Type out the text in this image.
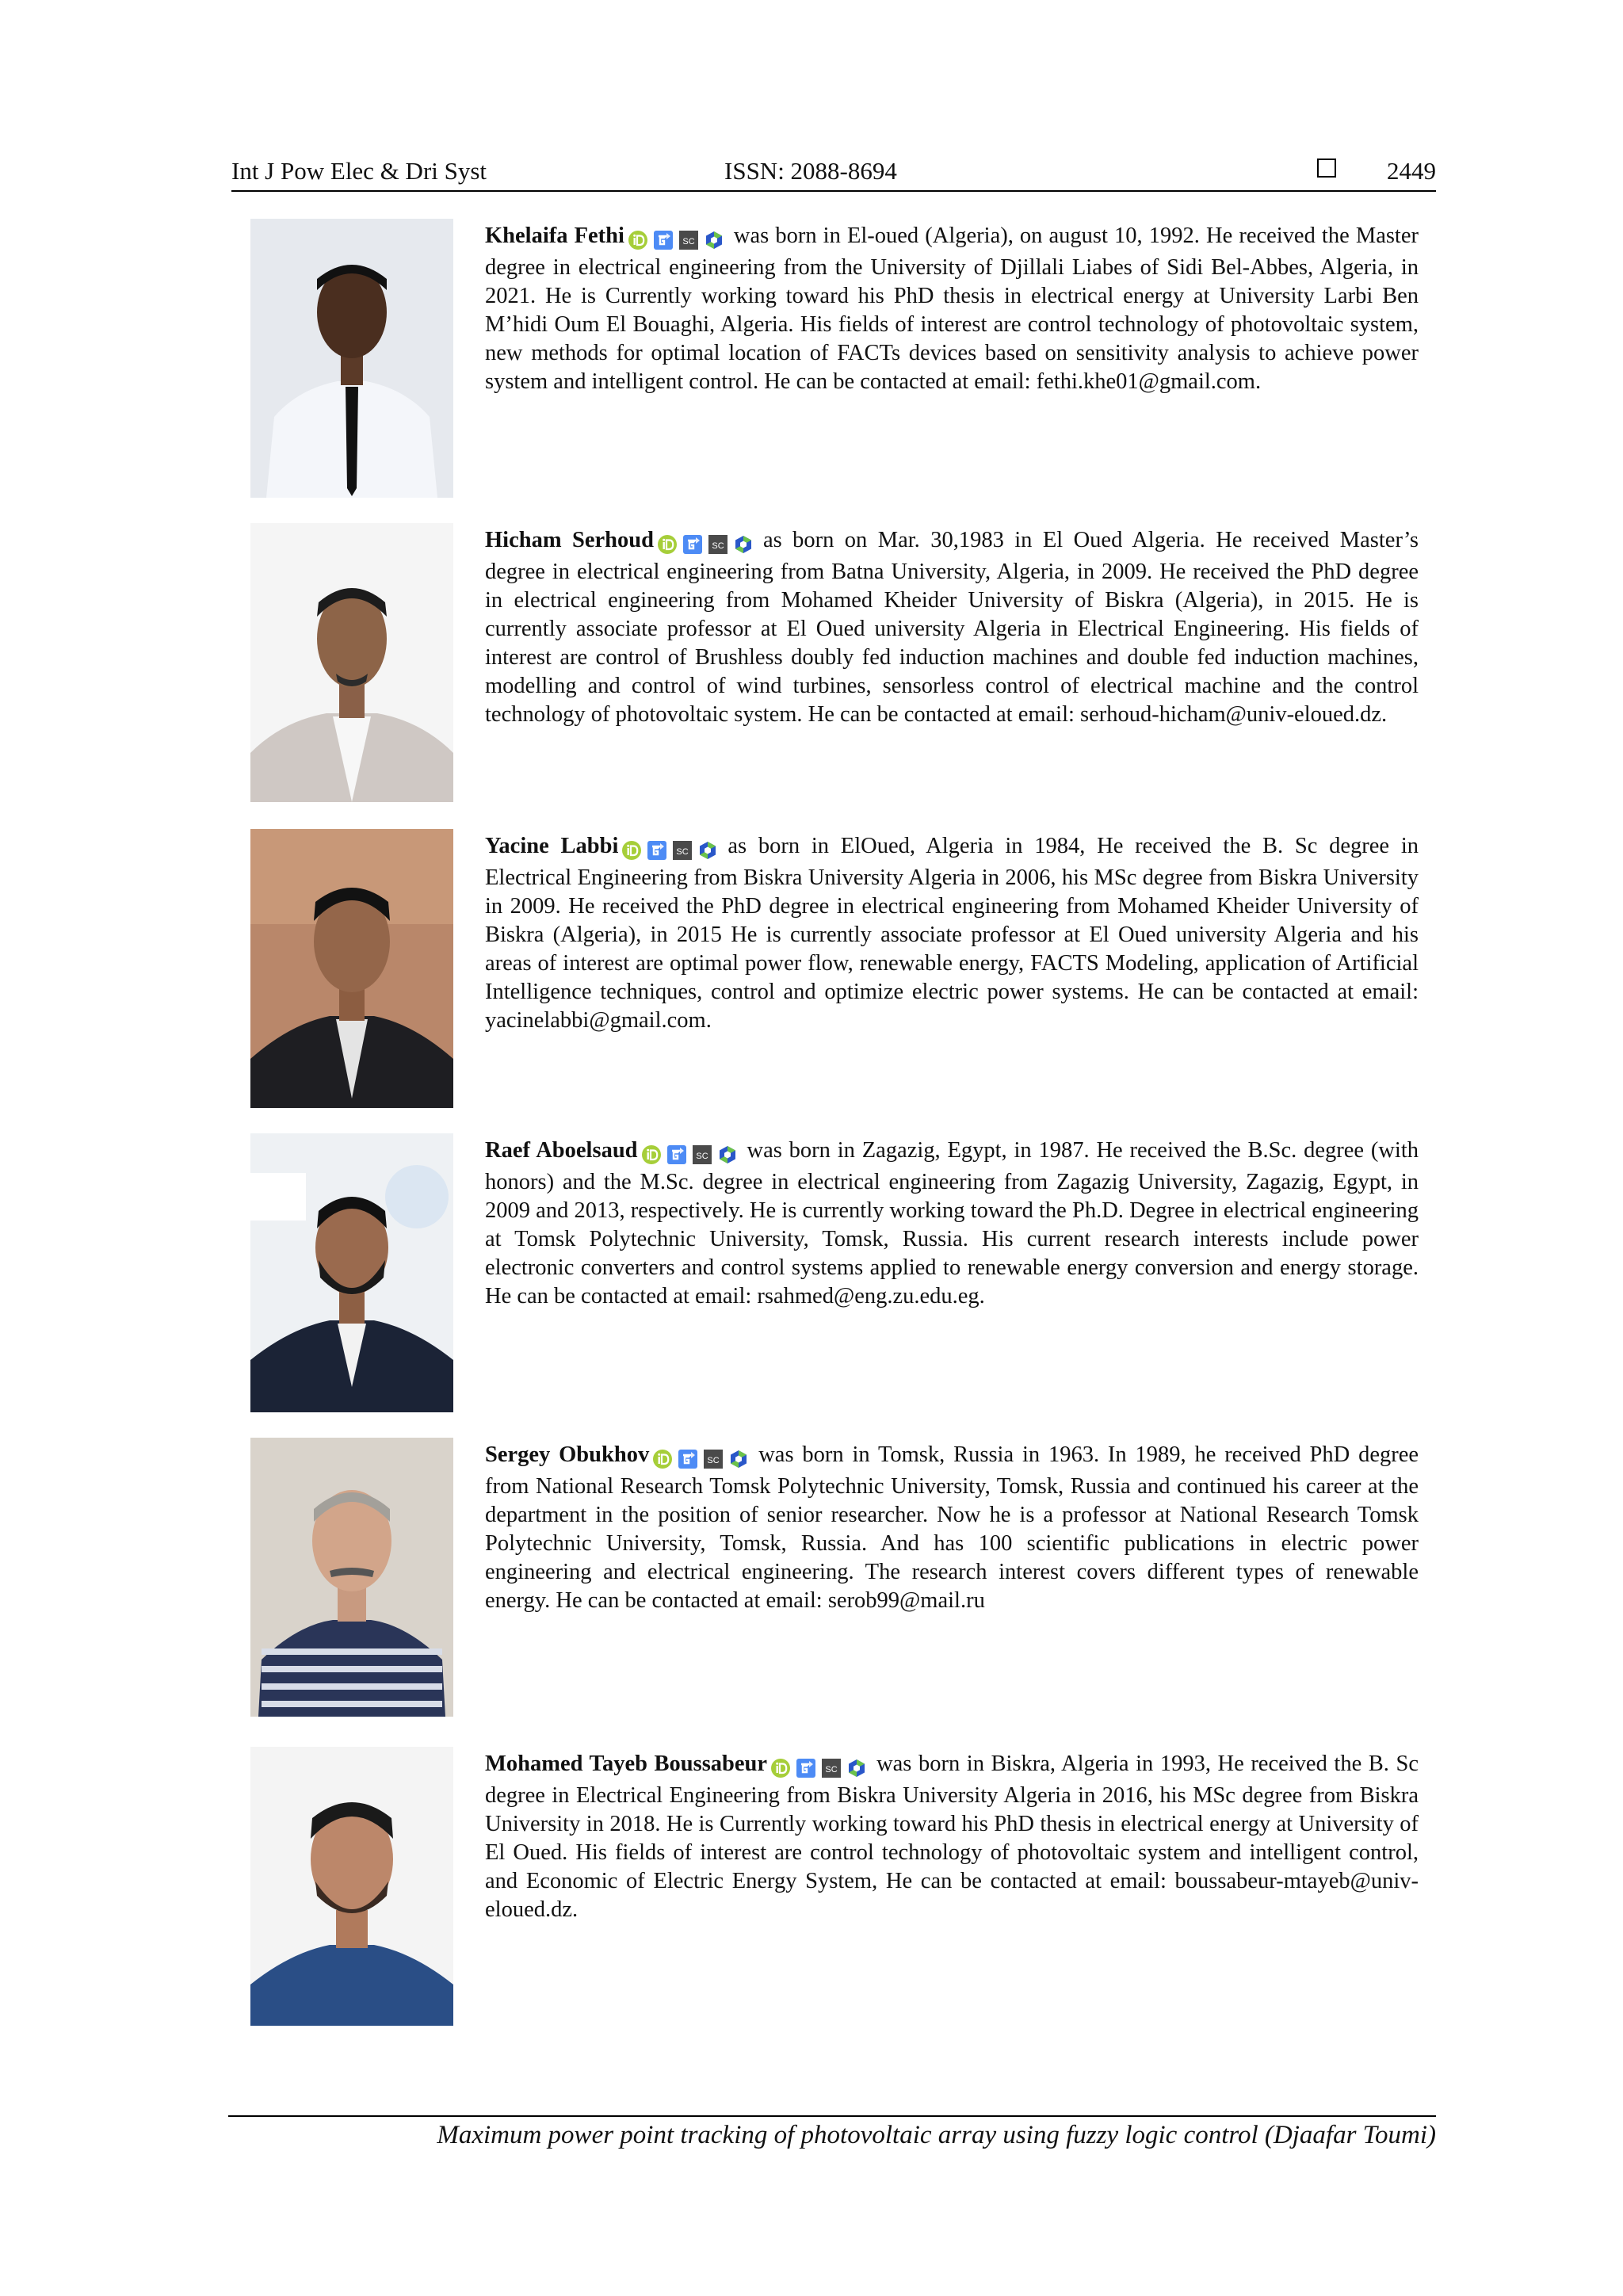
Int J Pow Elec & Dri Syst	ISSN: 2088-8694	2449
Khelaifa Fethi	SC was born in El-oued (Algeria), on august 10, 1992. He received the Master degree in electrical engineering from the University of Djillali Liabes of Sidi Bel-Abbes, Algeria, in 2021. He is Currently working toward his PhD thesis in electrical energy at University Larbi Ben M’hidi Oum El Bouaghi, Algeria. His fields of interest are control technology of photovoltaic system, new methods for optimal location of FACTs devices based on sensitivity analysis to achieve power system and intelligent control. He can be contacted at email: fethi.khe01@gmail.com.
Hicham Serhoud	SC as born on Mar. 30,1983 in El Oued Algeria. He received Master’s degree in electrical engineering from Batna University, Algeria, in 2009. He received the PhD degree in electrical engineering from Mohamed Kheider University of Biskra (Algeria), in 2015. He is currently associate professor at El Oued university Algeria in Electrical Engineering. His fields of interest are control of Brushless doubly fed induction machines and double fed induction machines, modelling and control of wind turbines, sensorless control of electrical machine and the control technology of photovoltaic system. He can be contacted at email: serhoud-hicham@univ-eloued.dz.
Yacine Labbi	SC as born in ElOued, Algeria in 1984, He received the B. Sc degree in Electrical Engineering from Biskra University Algeria in 2006, his MSc degree from Biskra University in 2009. He received the PhD degree in electrical engineering from Mohamed Kheider University of Biskra (Algeria), in 2015 He is currently associate professor at El Oued university Algeria and his areas of interest are optimal power flow, renewable energy, FACTS Modeling, application of Artificial Intelligence techniques, control and optimize electric power systems. He can be contacted at email: yacinelabbi@gmail.com.
Raef Aboelsaud	SC was born in Zagazig, Egypt, in 1987. He received the B.Sc. degree (with honors) and the M.Sc. degree in electrical engineering from Zagazig University, Zagazig, Egypt, in 2009 and 2013, respectively. He is currently working toward the Ph.D. Degree in electrical engineering at Tomsk Polytechnic University, Tomsk, Russia. His current research interests include power electronic converters and control systems applied to renewable energy conversion and energy storage. He can be contacted at email: rsahmed@eng.zu.edu.eg.
Sergey Obukhov	SC was born in Tomsk, Russia in 1963. In 1989, he received PhD degree from National Research Tomsk Polytechnic University, Tomsk, Russia and continued his career at the department in the position of senior researcher. Now he is a professor at National Research Tomsk Polytechnic University, Tomsk, Russia. And has 100 scientific publications in electric power engineering and electrical engineering. The research interest covers different types of renewable energy. He can be contacted at email: serob99@mail.ru
Mohamed Tayeb Boussabeur	SC was born in Biskra, Algeria in 1993, He received the B. Sc degree in Electrical Engineering from Biskra University Algeria in 2016, his MSc degree from Biskra University in 2018. He is Currently working toward his PhD thesis in electrical energy at University of El Oued. His fields of interest are control technology of photovoltaic system and intelligent control, and Economic of Electric Energy System, He can be contacted at email: boussabeur-mtayeb@univ-eloued.dz.
Maximum power point tracking of photovoltaic array using fuzzy logic control (Djaafar Toumi)
